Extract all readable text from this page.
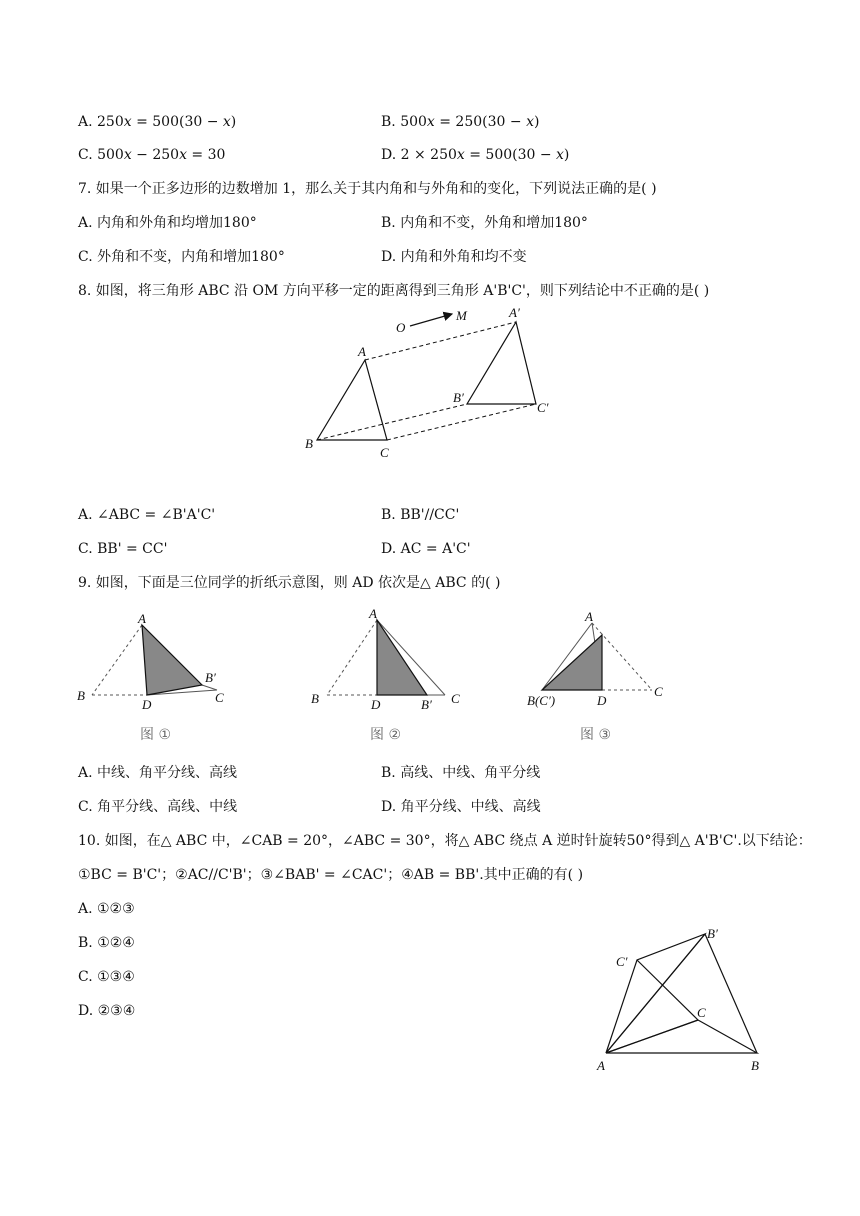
A. 250𝑥 = 500(30 − 𝑥)	B. 500𝑥 = 250(30 − 𝑥)
C. 500𝑥 − 250𝑥 = 30	D. 2 × 250𝑥 = 500(30 − 𝑥)
7. 如果一个正多边形的边数增加 1，那么关于其内角和与外角和的变化，下列说法正确的是( )
A. 内角和外角和均增加180°	B. 内角和不变，外角和增加180°
C. 外角和不变，内角和增加180°	D. 内角和外角和均不变
8. 如图，将三角形 ABC 沿 OM 方向平移一定的距离得到三角形 A'B'C'，则下列结论中不正确的是( )
O
M
A
B
C
A′
B′
C′
A. ∠ABC = ∠B'A'C'	B. BB'//CC'
C. BB' = CC'	D. AC = A'C'
9. 如图，下面是三位同学的折纸示意图，则 AD 依次是△ ABC 的( )
A
B	C
D
B′
图 ①
A
B	C
D	B′
图 ②
A
B(C′)
C
D
图 ③
A. 中线、角平分线、高线	B. 高线、中线、角平分线
C. 角平分线、高线、中线	D. 角平分线、中线、高线
10. 如图，在△ ABC 中，∠CAB = 20°，∠ABC = 30°，将△ ABC 绕点 A 逆时针旋转50°得到△ A'B'C'.以下结论：
①BC = B'C'；②AC//C'B'；③∠BAB' = ∠CAC'；④AB = BB'.其中正确的有( )
A. ①②③
B. ①②④
C. ①③④
D. ②③④
A	B
C
B′
C′
